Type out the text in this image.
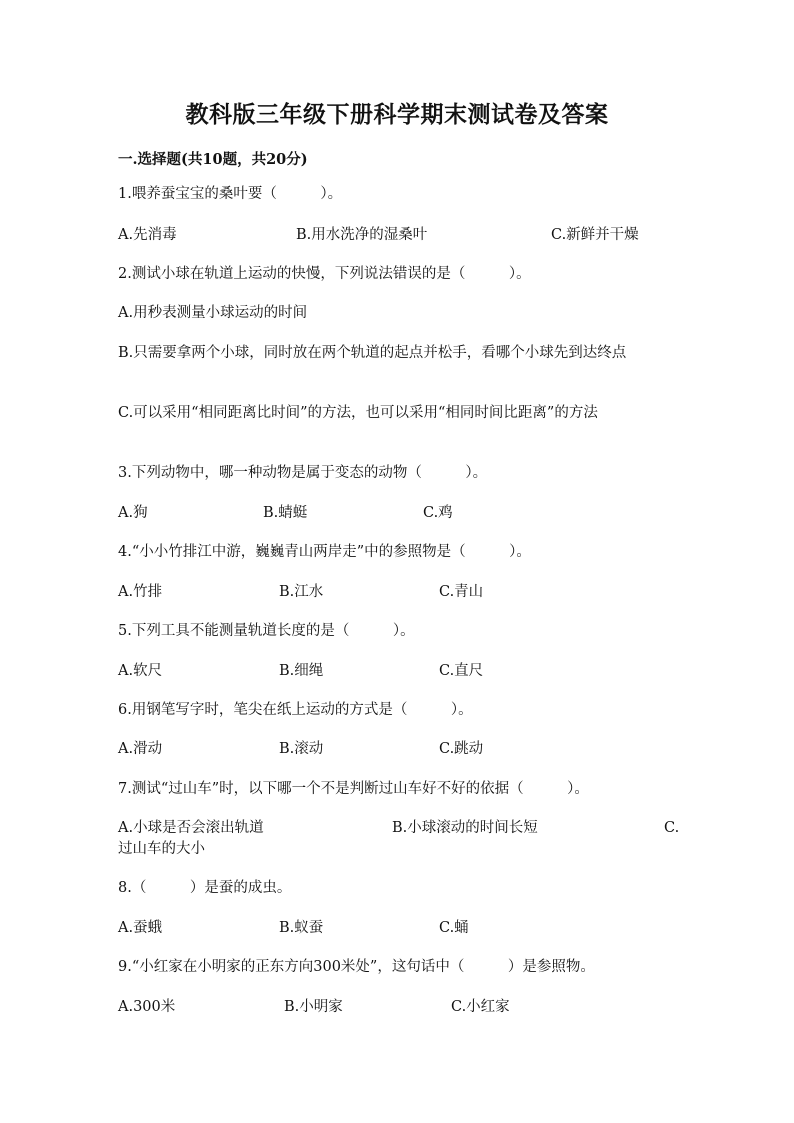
教科版三年级下册科学期末测试卷及答案
一.选择题(共10题，共20分)
1.喂养蚕宝宝的桑叶要（　　　）。
A.先消毒	B.用水洗净的湿桑叶	C.新鲜并干燥
2.测试小球在轨道上运动的快慢，下列说法错误的是（　　　）。
A.用秒表测量小球运动的时间
B.只需要拿两个小球，同时放在两个轨道的起点并松手，看哪个小球先到达终点
C.可以采用“相同距离比时间”的方法，也可以采用“相同时间比距离”的方法
3.下列动物中，哪一种动物是属于变态的动物（　　　）。
A.狗	B.蜻蜓	C.鸡
4.“小小竹排江中游，巍巍青山两岸走”中的参照物是（　　　）。
A.竹排	B.江水	C.青山
5.下列工具不能测量轨道长度的是（　　　）。
A.软尺	B.细绳	C.直尺
6.用钢笔写字时，笔尖在纸上运动的方式是（　　　）。
A.滑动	B.滚动	C.跳动
7.测试“过山车”时，以下哪一个不是判断过山车好不好的依据（　　　）。
A.小球是否会滚出轨道	B.小球滚动的时间长短	C.
过山车的大小
8.（　　　）是蚕的成虫。
A.蚕蛾	B.蚁蚕	C.蛹
9.“小红家在小明家的正东方向300米处”，这句话中（　　　）是参照物。
A.300米	B.小明家	C.小红家
